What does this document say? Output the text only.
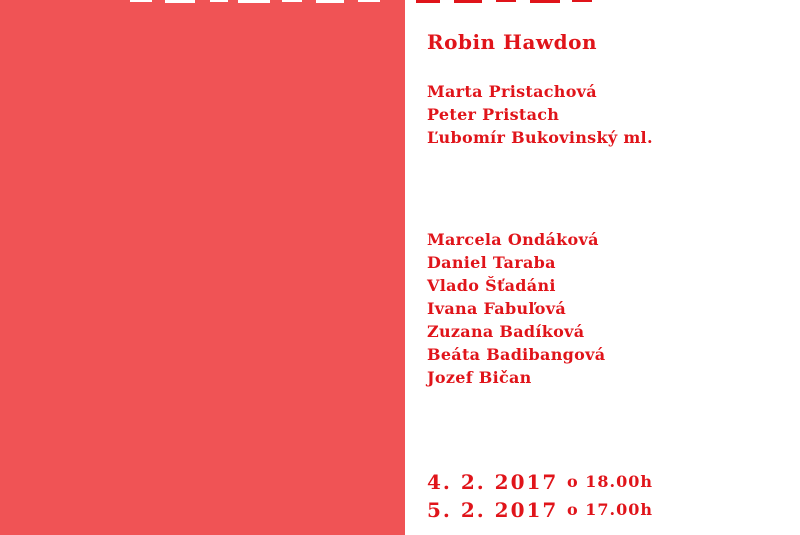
Robin Hawdon
Marta Pristachová
Peter Pristach
Ľubomír Bukovinský ml.
Marcela Ondáková
Daniel Taraba
Vlado Šťadáni
Ivana Fabuľová
Zuzana Badíková
Beáta Badibangová
Jozef Bičan
4. 2. 2017 o 18.00h
5. 2. 2017 o 17.00h
